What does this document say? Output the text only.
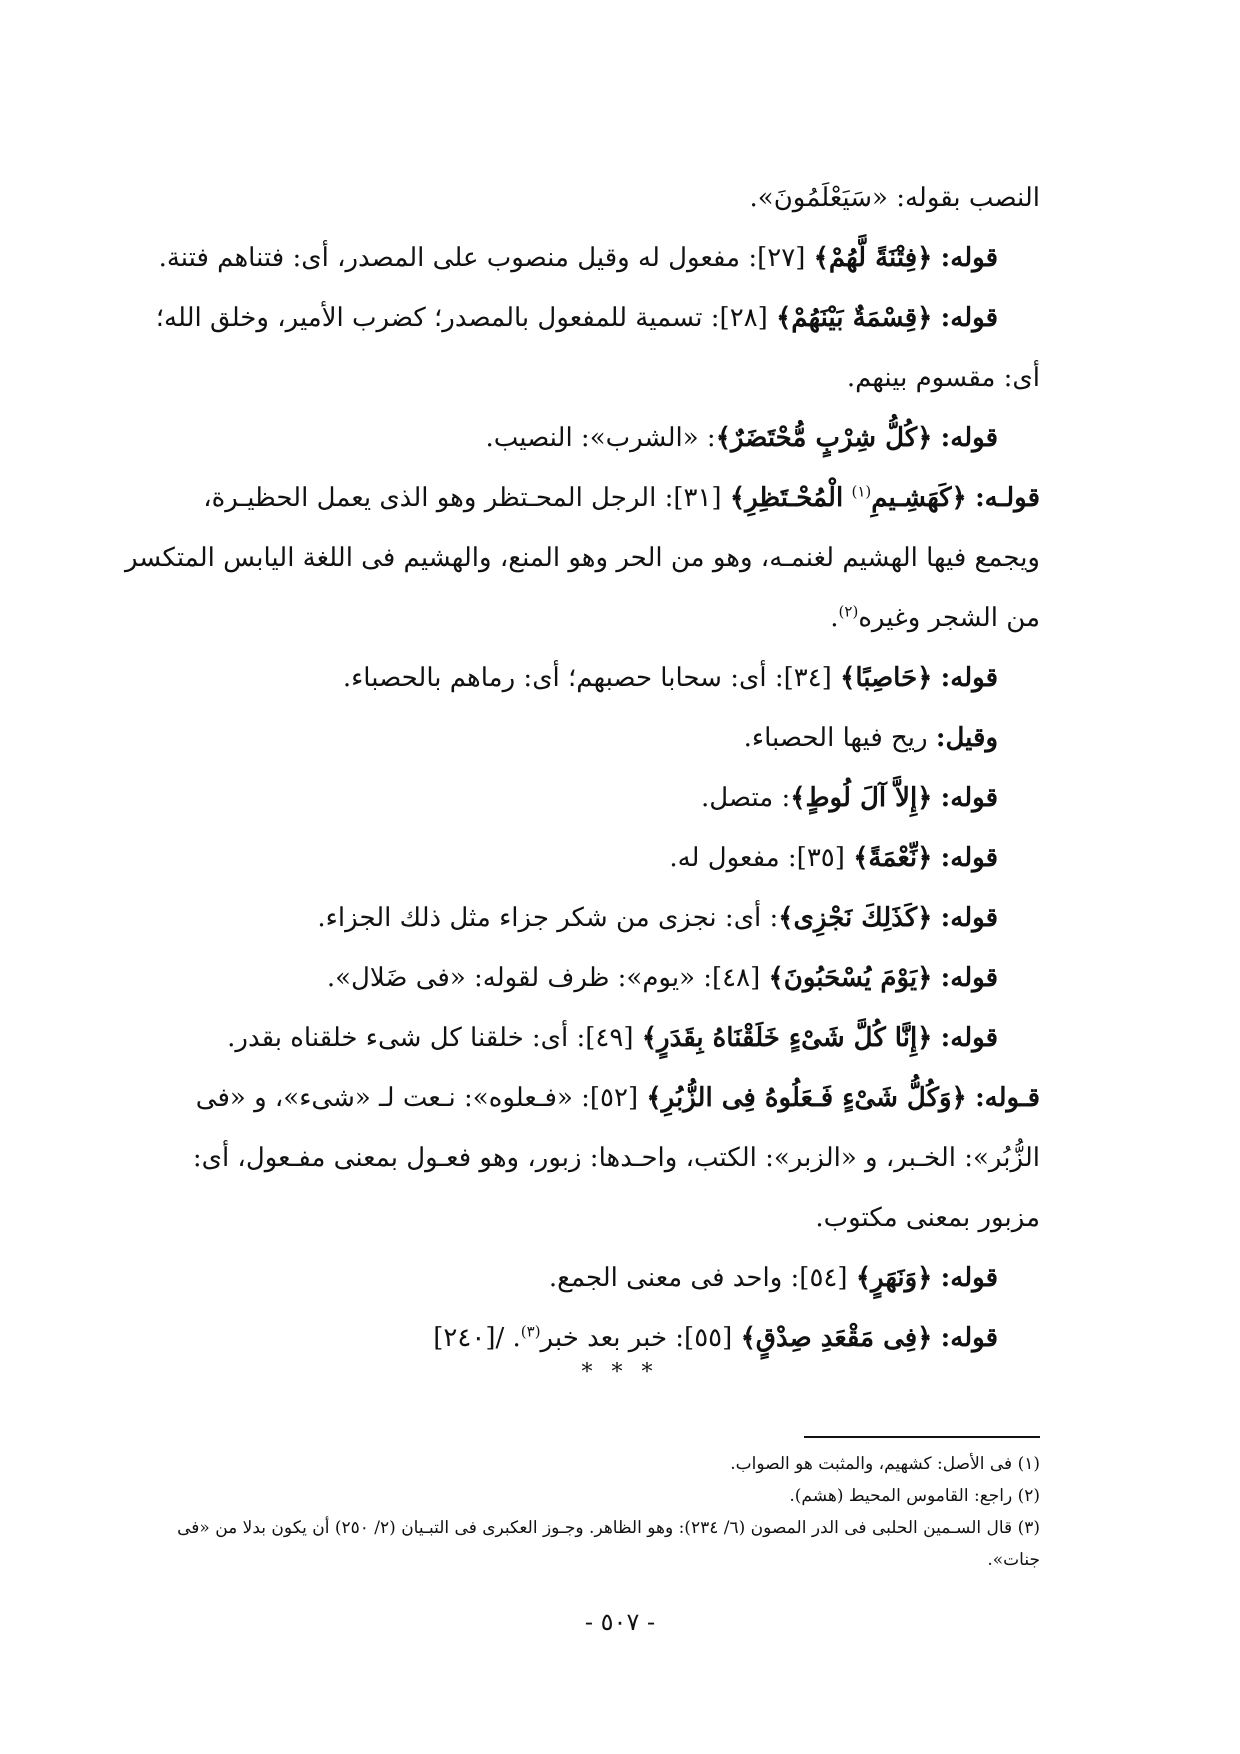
النصب بقوله: «سَيَعْلَمُونَ».
قوله: ﴿فِتْنَةً لَّهُمْ﴾ [٢٧]: مفعول له وقيل منصوب على المصدر، أى: فتناهم فتنة.
قوله: ﴿قِسْمَةٌ بَيْنَهُمْ﴾ [٢٨]: تسمية للمفعول بالمصدر؛ كضرب الأمير، وخلق الله؛
أى: مقسوم بينهم.
قوله: ﴿كُلُّ شِرْبٍ مُّحْتَضَرٌ﴾: «الشرب»: النصيب.
قولـه: ﴿كَهَشِـيمِ$^{(١)}$ الْمُحْـتَظِرِ﴾ [٣١]: الرجل المحـتظر وهو الذى يعمل الحظيـرة،
ويجمع فيها الهشيم لغنمـه، وهو من الحر وهو المنع، والهشيم فى اللغة اليابس المتكسر
من الشجر وغيره$^{(٢)}$.
قوله: ﴿حَاصِبًا﴾ [٣٤]: أى: سحابا حصبهم؛ أى: رماهم بالحصباء.
وقيل: ريح فيها الحصباء.
قوله: ﴿إِلاَّ آلَ لُوطٍ﴾: متصل.
قوله: ﴿نِّعْمَةً﴾ [٣٥]: مفعول له.
قوله: ﴿كَذَلِكَ نَجْزِى﴾: أى: نجزى من شكر جزاء مثل ذلك الجزاء.
قوله: ﴿يَوْمَ يُسْحَبُونَ﴾ [٤٨]: «يوم»: ظرف لقوله: «فى ضَلال».
قوله: ﴿إِنَّا كُلَّ شَىْءٍ خَلَقْنَاهُ بِقَدَرٍ﴾ [٤٩]: أى: خلقنا كل شىء خلقناه بقدر.
قـوله: ﴿وَكُلُّ شَىْءٍ فَـعَلُوهُ فِى الزُّبُرِ﴾ [٥٢]: «فـعلوه»: نـعت لـ «شىء»، و «فى
الزُّبُر»: الخـبر، و «الزبر»: الكتب، واحـدها: زبور، وهو فعـول بمعنى مفـعول، أى:
مزبور بمعنى مكتوب.
قوله: ﴿وَنَهَرٍ﴾ [٥٤]: واحد فى معنى الجمع.
قوله: ﴿فِى مَقْعَدِ صِدْقٍ﴾ [٥٥]: خبر بعد خبر$^{(٣)}$. /[٢٤٠]
* * *
(١) فى الأصل: كشهيم، والمثبت هو الصواب.
(٢) راجع: القاموس المحيط (هشم).
(٣) قال السـمين الحلبى فى الدر المصون (٦/ ٢٣٤): وهو الظاهر. وجـوز العكبرى فى التبـيان (٢/ ٢٥٠) أن يكون بدلا من «فى
جنات».
- ٥٠٧ -
